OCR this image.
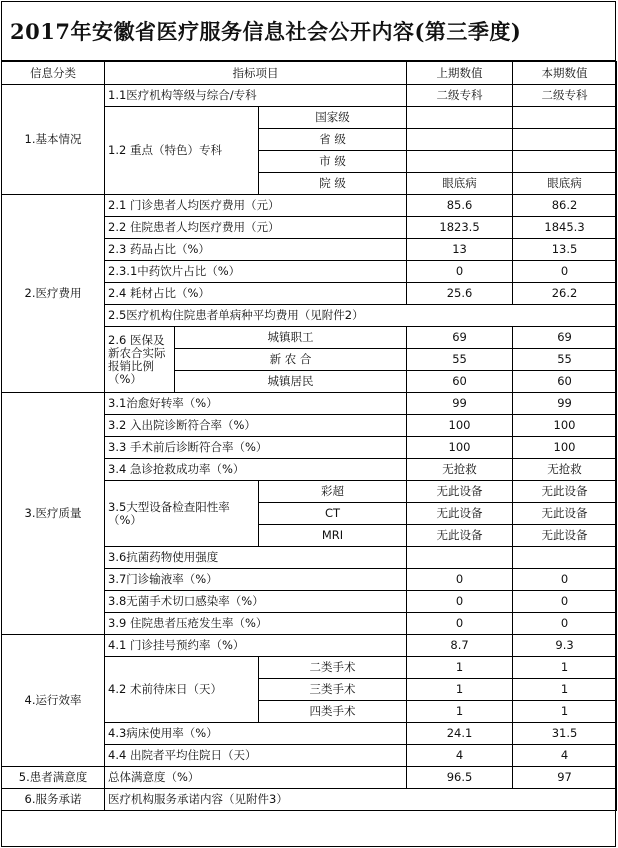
2017年安徽省医疗服务信息社会公开内容(第三季度)
信息分类	指标项目			上期数值	本期数值
1.基本情况	1.1医疗机构等级与综合/专科			二级专科	二级专科
	1.2 重点（特色）专科		国家级		
			省 级		
			市 级		
			院 级	眼底病	眼底病
2.医疗费用	2.1 门诊患者人均医疗费用（元）			85.6	86.2
	2.2 住院患者人均医疗费用（元）			1823.5	1845.3
	2.3 药品占比（%）			13	13.5
	2.3.1中药饮片占比（%）			0	0
	2.4 耗材占比（%）			25.6	26.2
	2.5医疗机构住院患者单病种平均费用（见附件2）				
	2.6 医保及新农合实际报销比例（%）	城镇职工		69	69
		新 农 合		55	55
		城镇居民		60	60
3.医疗质量	3.1治愈好转率（%）			99	99
	3.2 入出院诊断符合率（%）			100	100
	3.3 手术前后诊断符合率（%）			100	100
	3.4 急诊抢救成功率（%）			无抢救	无抢救
	3.5大型设备检查阳性率（%）		彩超	无此设备	无此设备
			CT	无此设备	无此设备
			MRI	无此设备	无此设备
	3.6抗菌药物使用强度				
	3.7门诊输液率（%）			0	0
	3.8无菌手术切口感染率（%）			0	0
	3.9 住院患者压疮发生率（%）			0	0
4.运行效率	4.1 门诊挂号预约率（%）			8.7	9.3
	4.2 术前待床日（天）		二类手术	1	1
			三类手术	1	1
			四类手术	1	1
	4.3病床使用率（%）			24.1	31.5
	4.4 出院者平均住院日（天）			4	4
5.患者满意度	总体满意度（%）			96.5	97
6.服务承诺	医疗机构服务承诺内容（见附件3）				
